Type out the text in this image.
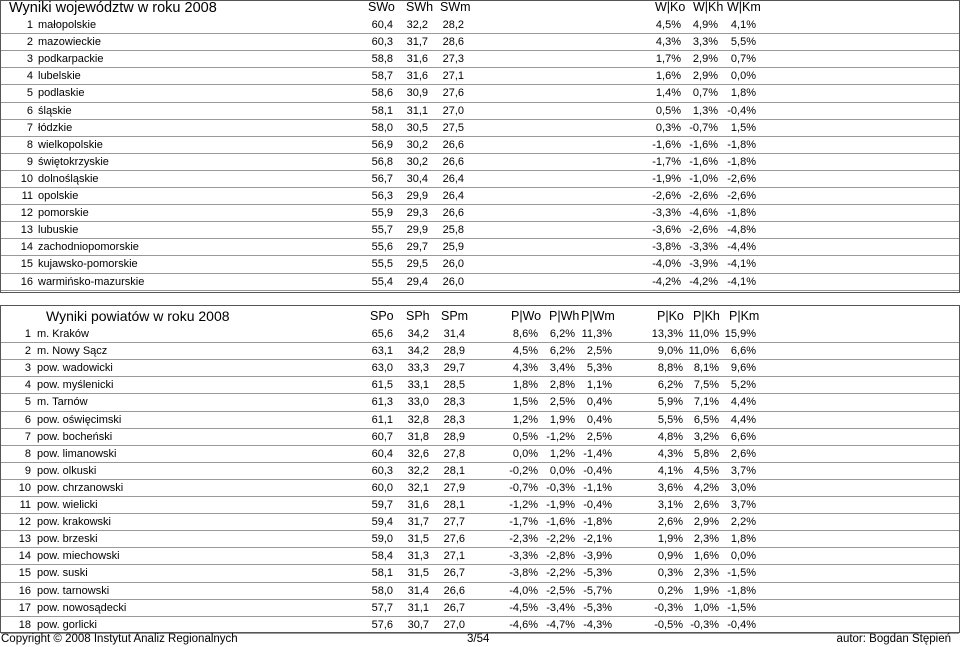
Wyniki województw w roku 2008	SWo SWh SWm	W|Ko W|Kh W|Km
1 małopolskie	60,4 32,2 28,2	4,5% 4,9% 4,1%
2 mazowieckie	60,3 31,7 28,6	4,3% 3,3% 5,5%
3 podkarpackie	58,8 31,6 27,3	1,7% 2,9% 0,7%
4 lubelskie	58,7 31,6 27,1	1,6% 2,9% 0,0%
5 podlaskie	58,6 30,9 27,6	1,4% 0,7% 1,8%
6 śląskie	58,1 31,1 27,0	0,5% 1,3% -0,4%
7 łódzkie	58,0 30,5 27,5	0,3% -0,7% 1,5%
8 wielkopolskie	56,9 30,2 26,6	-1,6% -1,6% -1,8%
9 świętokrzyskie	56,8 30,2 26,6	-1,7% -1,6% -1,8%
10 dolnośląskie	56,7 30,4 26,4	-1,9% -1,0% -2,6%
11 opolskie	56,3 29,9 26,4	-2,6% -2,6% -2,6%
12 pomorskie	55,9 29,3 26,6	-3,3% -4,6% -1,8%
13 lubuskie	55,7 29,9 25,8	-3,6% -2,6% -4,8%
14 zachodniopomorskie	55,6 29,7 25,9	-3,8% -3,3% -4,4%
15 kujawsko-pomorskie	55,5 29,5 26,0	-4,0% -3,9% -4,1%
16 warmińsko-mazurskie	55,4 29,4 26,0	-4,2% -4,2% -4,1%
Wyniki powiatów w roku 2008	SPo SPh SPm	P|Wo P|Wh P|Wm	P|Ko P|Kh P|Km
1 m. Kraków	65,6 34,2 31,4	8,6% 6,2% 11,3%	13,3% 11,0% 15,9%
2 m. Nowy Sącz	63,1 34,2 28,9	4,5% 6,2% 2,5%	9,0% 11,0% 6,6%
3 pow. wadowicki	63,0 33,3 29,7	4,3% 3,4% 5,3%	8,8% 8,1% 9,6%
4 pow. myślenicki	61,5 33,1 28,5	1,8% 2,8% 1,1%	6,2% 7,5% 5,2%
5 m. Tarnów	61,3 33,0 28,3	1,5% 2,5% 0,4%	5,9% 7,1% 4,4%
6 pow. oświęcimski	61,1 32,8 28,3	1,2% 1,9% 0,4%	5,5% 6,5% 4,4%
7 pow. bocheński	60,7 31,8 28,9	0,5% -1,2% 2,5%	4,8% 3,2% 6,6%
8 pow. limanowski	60,4 32,6 27,8	0,0% 1,2% -1,4%	4,3% 5,8% 2,6%
9 pow. olkuski	60,3 32,2 28,1	-0,2% 0,0% -0,4%	4,1% 4,5% 3,7%
10 pow. chrzanowski	60,0 32,1 27,9	-0,7% -0,3% -1,1%	3,6% 4,2% 3,0%
11 pow. wielicki	59,7 31,6 28,1	-1,2% -1,9% -0,4%	3,1% 2,6% 3,7%
12 pow. krakowski	59,4 31,7 27,7	-1,7% -1,6% -1,8%	2,6% 2,9% 2,2%
13 pow. brzeski	59,0 31,5 27,6	-2,3% -2,2% -2,1%	1,9% 2,3% 1,8%
14 pow. miechowski	58,4 31,3 27,1	-3,3% -2,8% -3,9%	0,9% 1,6% 0,0%
15 pow. suski	58,1 31,5 26,7	-3,8% -2,2% -5,3%	0,3% 2,3% -1,5%
16 pow. tarnowski	58,0 31,4 26,6	-4,0% -2,5% -5,7%	0,2% 1,9% -1,8%
17 pow. nowosądecki	57,7 31,1 26,7	-4,5% -3,4% -5,3%	-0,3% 1,0% -1,5%
18 pow. gorlicki	57,6 30,7 27,0	-4,6% -4,7% -4,3%	-0,5% -0,3% -0,4%
Copyright © 2008 Instytut Analiz Regionalnych	3/54	autor: Bogdan Stępień
